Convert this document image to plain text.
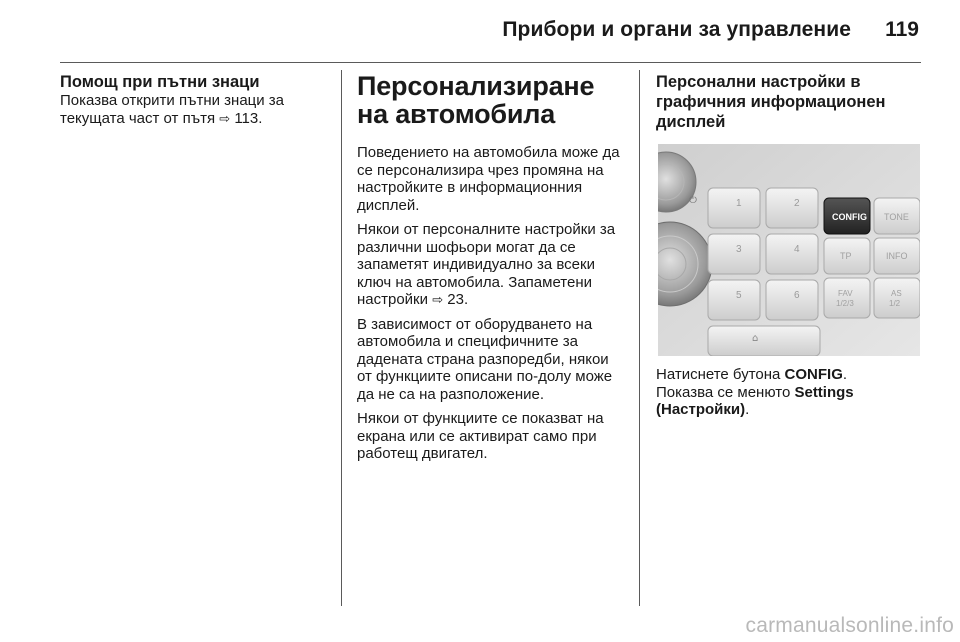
Прибори и органи за управление 119

Помощ при пътни знаци

Показва открити пътни знаци за текущата част от пътя ⇨ 113.

Персонализиране на автомобила

Поведението на автомобила може да се персонализира чрез промяна на настройките в информационния дисплей.

Някои от персоналните настройки за различни шофьори могат да се запаметят индивидуално за всеки ключ на автомобила. Запаметени настройки ⇨ 23.

В зависимост от оборудването на автомобила и специфичните за дадената страна разпоредби, някои от функциите описани по-долу може да не са на разположение.

Някои от функциите се показват на екрана или се активират само при работещ двигател.

Персонални настройки в графичния информационен дисплей

⏻
⌂
1	2
3	4
5	6
CONFIG TONE
TP	INFO
FAV
1/2/3
AS
1/2

Натиснете бутона CONFIG.
Показва се менюто Settings (Настройки).

carmanualsonline.info
